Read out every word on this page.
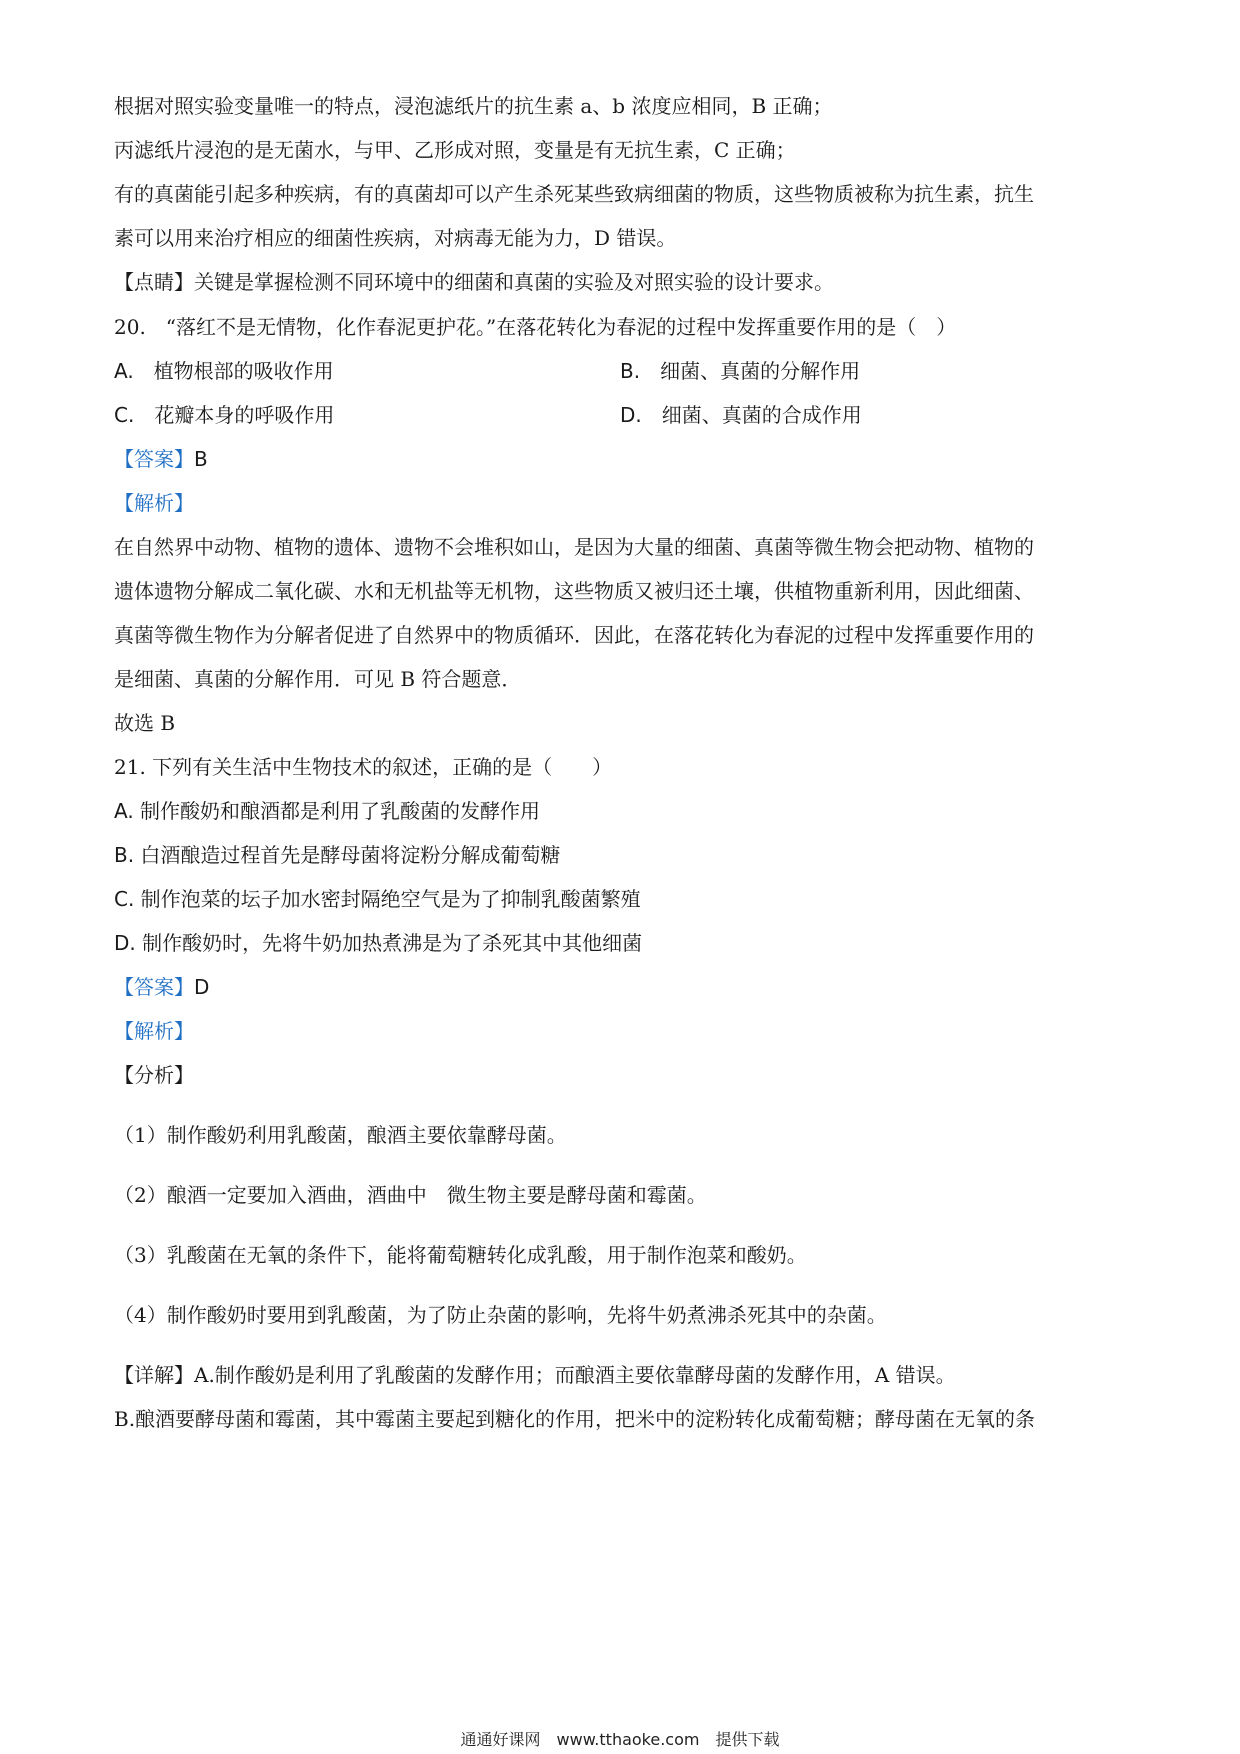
根据对照实验变量唯一的特点，浸泡滤纸片的抗生素 a、b 浓度应相同，B 正确；
丙滤纸片浸泡的是无菌水，与甲、乙形成对照，变量是有无抗生素，C 正确；
有的真菌能引起多种疾病，有的真菌却可以产生杀死某些致病细菌的物质，这些物质被称为抗生素，抗生
素可以用来治疗相应的细菌性疾病，对病毒无能为力，D 错误。
【点睛】关键是掌握检测不同环境中的细菌和真菌的实验及对照实验的设计要求。
20.　“落红不是无情物，化作春泥更护花。”在落花转化为春泥的过程中发挥重要作用的是（　）
A.　植物根部的吸收作用	B.　细菌、真菌的分解作用
C.　花瓣本身的呼吸作用	D.　细菌、真菌的合成作用
【答案】B
【解析】
在自然界中动物、植物的遗体、遗物不会堆积如山，是因为大量的细菌、真菌等微生物会把动物、植物的
遗体遗物分解成二氧化碳、水和无机盐等无机物，这些物质又被归还土壤，供植物重新利用，因此细菌、
真菌等微生物作为分解者促进了自然界中的物质循环．因此，在落花转化为春泥的过程中发挥重要作用的
是细菌、真菌的分解作用．可见 B 符合题意．
故选 B
21. 下列有关生活中生物技术的叙述，正确的是（　　）
A. 制作酸奶和酿酒都是利用了乳酸菌的发酵作用
B. 白酒酿造过程首先是酵母菌将淀粉分解成葡萄糖
C. 制作泡菜的坛子加水密封隔绝空气是为了抑制乳酸菌繁殖
D. 制作酸奶时，先将牛奶加热煮沸是为了杀死其中其他细菌
【答案】D
【解析】
【分析】
（1）制作酸奶利用乳酸菌，酿酒主要依靠酵母菌。
（2）酿酒一定要加入酒曲，酒曲中　微生物主要是酵母菌和霉菌。
（3）乳酸菌在无氧的条件下，能将葡萄糖转化成乳酸，用于制作泡菜和酸奶。
（4）制作酸奶时要用到乳酸菌，为了防止杂菌的影响，先将牛奶煮沸杀死其中的杂菌。
【详解】A.制作酸奶是利用了乳酸菌的发酵作用；而酿酒主要依靠酵母菌的发酵作用，A 错误。
B.酿酒要酵母菌和霉菌，其中霉菌主要起到糖化的作用，把米中的淀粉转化成葡萄糖；酵母菌在无氧的条
通通好课网　www.tthaoke.com　提供下载
